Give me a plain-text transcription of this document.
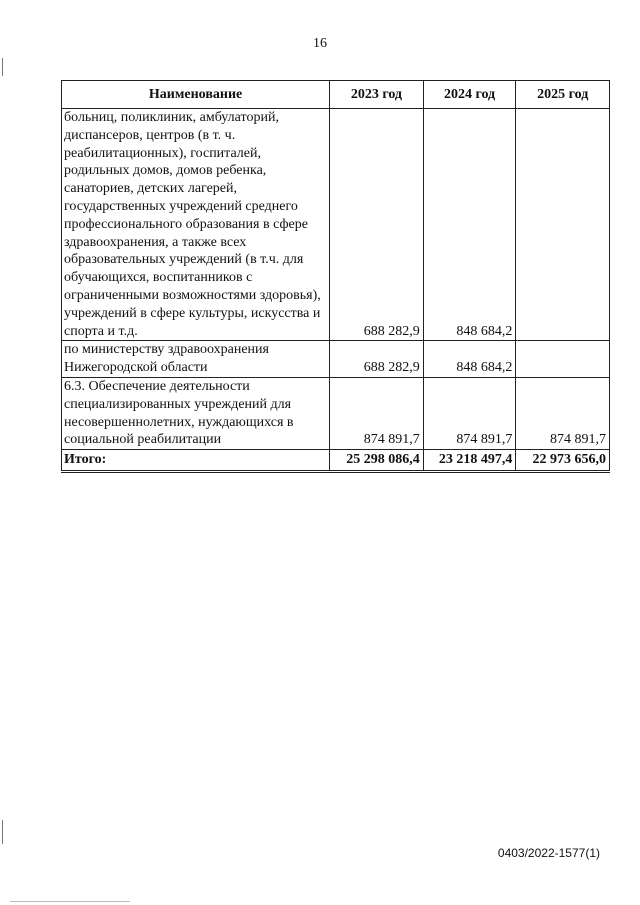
16
Наименование	2023 год	2024 год	2025 год
больниц, поликлиник, амбулаторий, диспансеров, центров (в т. ч. реабилитационных), госпиталей, родильных домов, домов ребенка, санаториев, детских лагерей, государственных учреждений среднего профессионального образования в сфере здравоохранения, а также всех образовательных учреждений (в т.ч. для обучающихся, воспитанников с ограниченными возможностями здоровья), учреждений в сфере культуры, искусства и спорта и т.д.	688 282,9	848 684,2	
по министерству здравоохранения Нижегородской области	688 282,9	848 684,2	
6.3. Обеспечение деятельности специализированных учреждений для несовершеннолетних, нуждающихся в социальной реабилитации	874 891,7	874 891,7	874 891,7
Итого:	25 298 086,4	23 218 497,4	22 973 656,0
0403/2022-1577(1)
